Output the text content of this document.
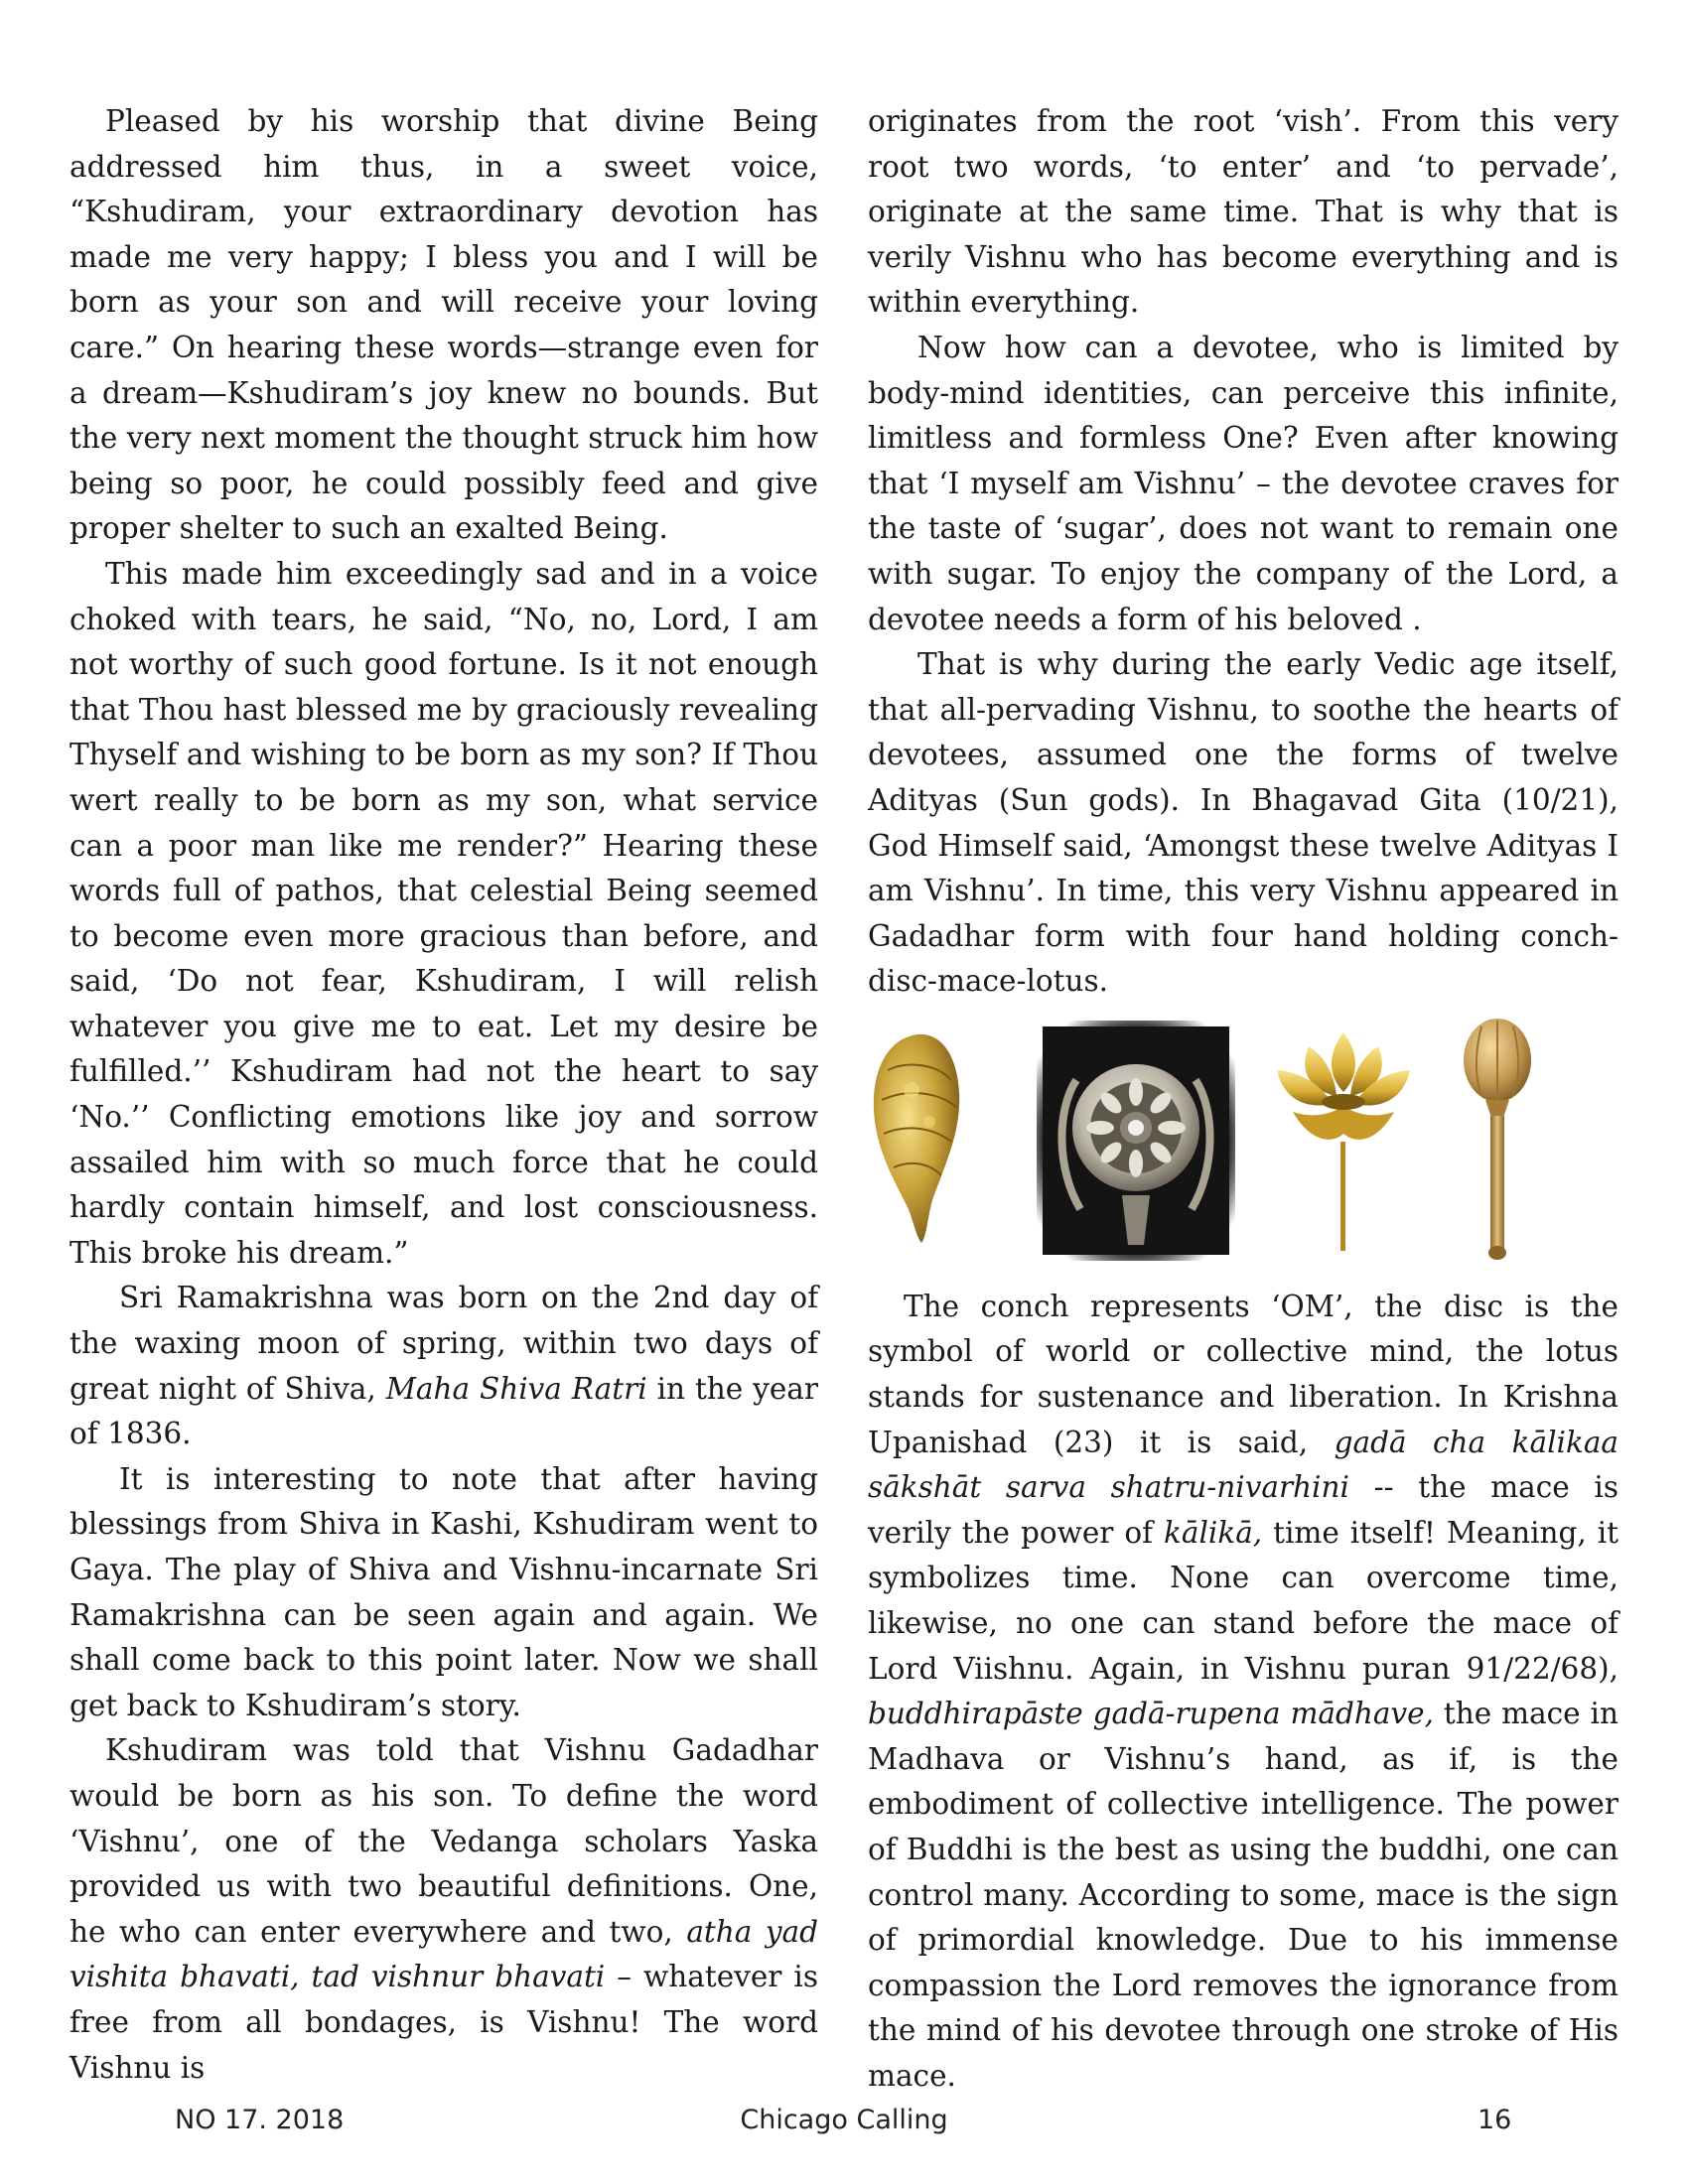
Pleased by his worship that divine Being addressed him thus, in a sweet voice, “Kshudiram, your extraordinary devotion has made me very happy; I bless you and I will be born as your son and will receive your loving care.” On hearing these words—strange even for a dream—Kshudiram’s joy knew no bounds. But the very next moment the thought struck him how being so poor, he could possibly feed and give proper shelter to such an exalted Being.

This made him exceedingly sad and in a voice choked with tears, he said, “No, no, Lord, I am not worthy of such good fortune. Is it not enough that Thou hast blessed me by graciously revealing Thyself and wishing to be born as my son? If Thou wert really to be born as my son, what service can a poor man like me render?” Hearing these words full of pathos, that celestial Being seemed to become even more gracious than before, and said, ‘Do not fear, Kshudiram, I will relish whatever you give me to eat. Let my desire be fulfilled.’’ Kshudiram had not the heart to say ‘No.’’ Conflicting emotions like joy and sorrow assailed him with so much force that he could hardly contain himself, and lost consciousness. This broke his dream.”

Sri Ramakrishna was born on the 2nd day of the waxing moon of spring, within two days of great night of Shiva, Maha Shiva Ratri in the year of 1836.

It is interesting to note that after having blessings from Shiva in Kashi, Kshudiram went to Gaya. The play of Shiva and Vishnu-incarnate Sri Ramakrishna can be seen again and again. We shall come back to this point later. Now we shall get back to Kshudiram’s story.

Kshudiram was told that Vishnu Gadadhar would be born as his son. To define the word ‘Vishnu’, one of the Vedanga scholars Yaska provided us with two beautiful definitions. One, he who can enter everywhere and two, atha yad vishita bhavati, tad vishnur bhavati – whatever is free from all bondages, is Vishnu! The word Vishnu is

originates from the root ‘vish’. From this very root two words, ‘to enter’ and ‘to pervade’, originate at the same time. That is why that is verily Vishnu who has become everything and is within everything.

Now how can a devotee, who is limited by body-mind identities, can perceive this infinite, limitless and formless One? Even after knowing that ‘I myself am Vishnu’ – the devotee craves for the taste of ‘sugar’, does not want to remain one with sugar. To enjoy the company of the Lord, a devotee needs a form of his beloved .

That is why during the early Vedic age itself, that all-pervading Vishnu, to soothe the hearts of devotees, assumed one the forms of twelve Adityas (Sun gods). In Bhagavad Gita (10/21), God Himself said, ‘Amongst these twelve Adityas I am Vishnu’. In time, this very Vishnu appeared in Gadadhar form with four hand holding conch-disc-mace-lotus.

The conch represents ‘OM’, the disc is the symbol of world or collective mind, the lotus stands for sustenance and liberation. In Krishna Upanishad (23) it is said, gadā cha kālikaa sākshāt sarva shatru-nivarhini -- the mace is verily the power of kālikā, time itself! Meaning, it symbolizes time. None can overcome time, likewise, no one can stand before the mace of Lord Viishnu. Again, in Vishnu puran 91/22/68), buddhirapāste gadā-rupena mādhave, the mace in Madhava or Vishnu’s hand, as if, is the embodiment of collective intelligence. The power of Buddhi is the best as using the buddhi, one can control many. According to some, mace is the sign of primordial knowledge. Due to his immense compassion the Lord removes the ignorance from the mind of his devotee through one stroke of His mace.

NO 17. 2018	Chicago Calling	16
